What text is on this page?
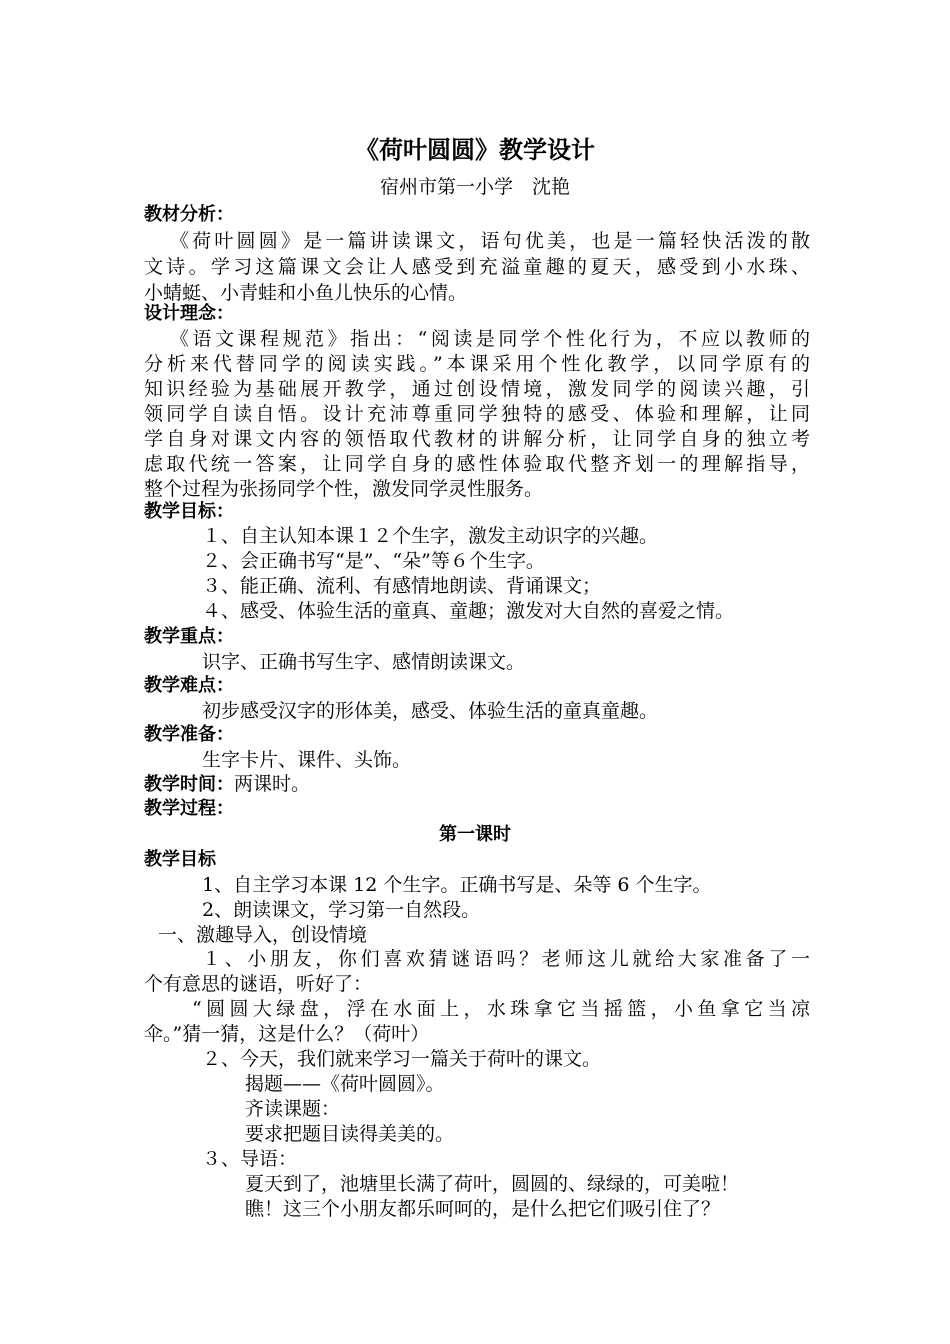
《荷叶圆圆》教学设计
宿州市第一小学　沈艳
教材分析：
《荷叶圆圆》是一篇讲读课文，语句优美，也是一篇轻快活泼的散
文诗。学习这篇课文会让人感受到充溢童趣的夏天，感受到小水珠、
小蜻蜓、小青蛙和小鱼儿快乐的心情。
设计理念：
《语文课程规范》指出：“阅读是同学个性化行为，不应以教师的
分析来代替同学的阅读实践。”本课采用个性化教学，以同学原有的
知识经验为基础展开教学，通过创设情境，激发同学的阅读兴趣，引
领同学自读自悟。设计充沛尊重同学独特的感受、体验和理解，让同
学自身对课文内容的领悟取代教材的讲解分析，让同学自身的独立考
虑取代统一答案，让同学自身的感性体验取代整齐划一的理解指导，
整个过程为张扬同学个性，激发同学灵性服务。
教学目标：
１、自主认知本课１２个生字，激发主动识字的兴趣。
２、会正确书写“是”、“朵”等６个生字。
３、能正确、流利、有感情地朗读、背诵课文；
４、感受、体验生活的童真、童趣；激发对大自然的喜爱之情。
教学重点：
识字、正确书写生字、感情朗读课文。
教学难点：
初步感受汉字的形体美，感受、体验生活的童真童趣。
教学准备：
生字卡片、课件、头饰。
教学时间：两课时。
教学过程：
第一课时
教学目标
1、自主学习本课 12 个生字。正确书写是、朵等 6 个生字。
2、朗读课文，学习第一自然段。
一、激趣导入，创设情境
１、小朋友，你们喜欢猜谜语吗？老师这儿就给大家准备了一
个有意思的谜语，听好了：
“圆圆大绿盘，浮在水面上，水珠拿它当摇篮，小鱼拿它当凉
伞。”猜一猜，这是什么？（荷叶）
２、今天，我们就来学习一篇关于荷叶的课文。
揭题——《荷叶圆圆》。
齐读课题：
要求把题目读得美美的。
３、导语：
夏天到了，池塘里长满了荷叶，圆圆的、绿绿的，可美啦！
瞧！这三个小朋友都乐呵呵的，是什么把它们吸引住了？
